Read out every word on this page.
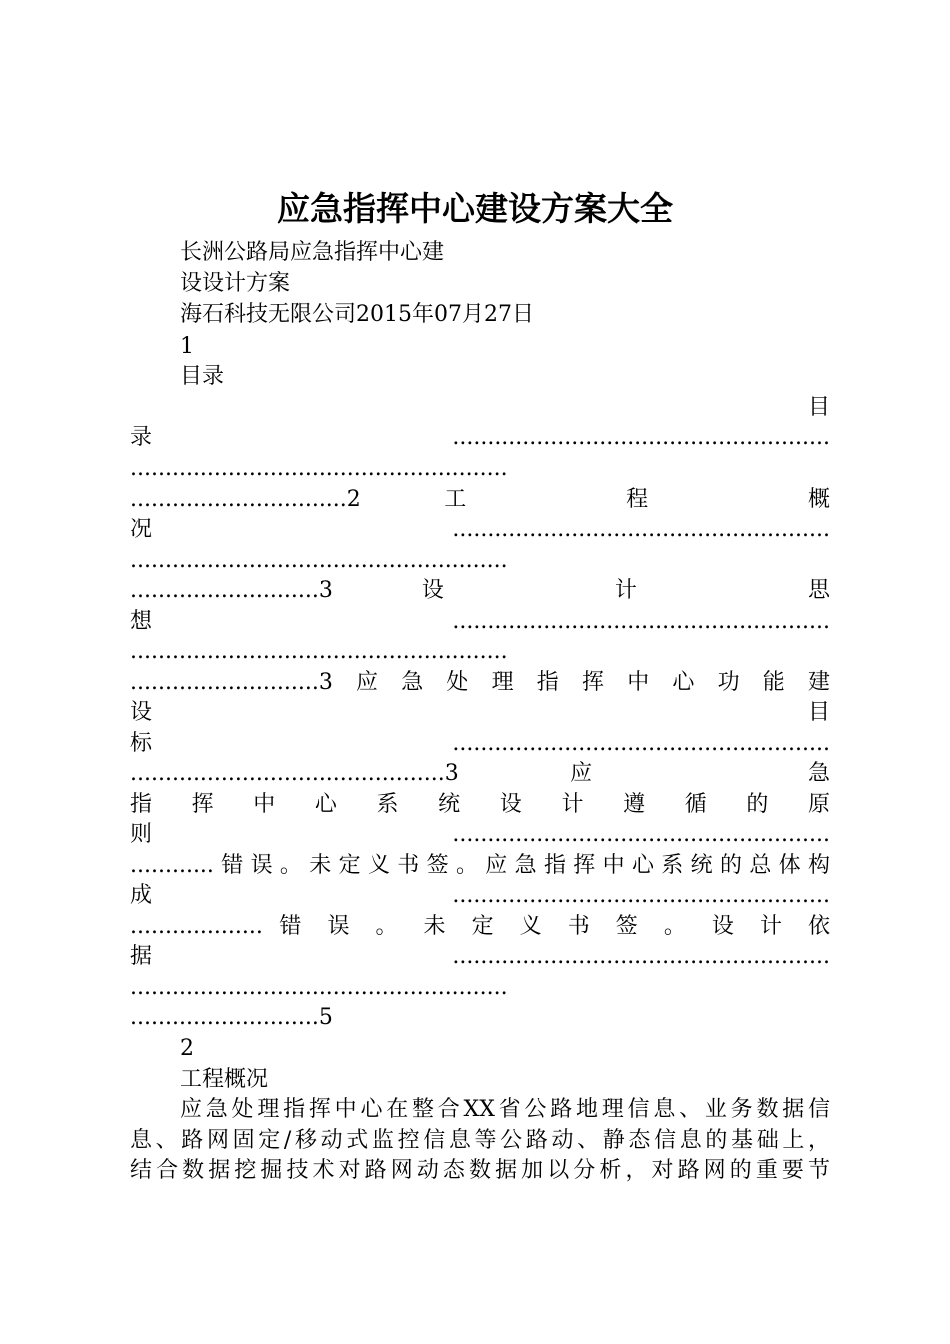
应急指挥中心建设方案大全
长洲公路局应急指挥中心建
设设计方案
海石科技无限公司2015年07月27日
1
目录
目
录......................................................
......................................................
...............................2 工 程 概
况......................................................
......................................................
...........................3 设 计 思
想......................................................
......................................................
...........................3应急处理指挥中心功能建
设 目
标......................................................
.............................................3 应 急
指 挥 中 心 系 统 设 计 遵 循 的 原
则......................................................
............错误。未定义书签。应急指挥中心系统的总体构
成......................................................
................... 错 误 。 未 定 义 书 签 。 设 计 依
据......................................................
......................................................
...........................5
2
工程概况
应急处理指挥中心在整合XX省公路地理信息、业务数据信
息、路网固定/移动式监控信息等公路动、静态信息的基础上，
结合数据挖掘技术对路网动态数据加以分析，对路网的重要节
